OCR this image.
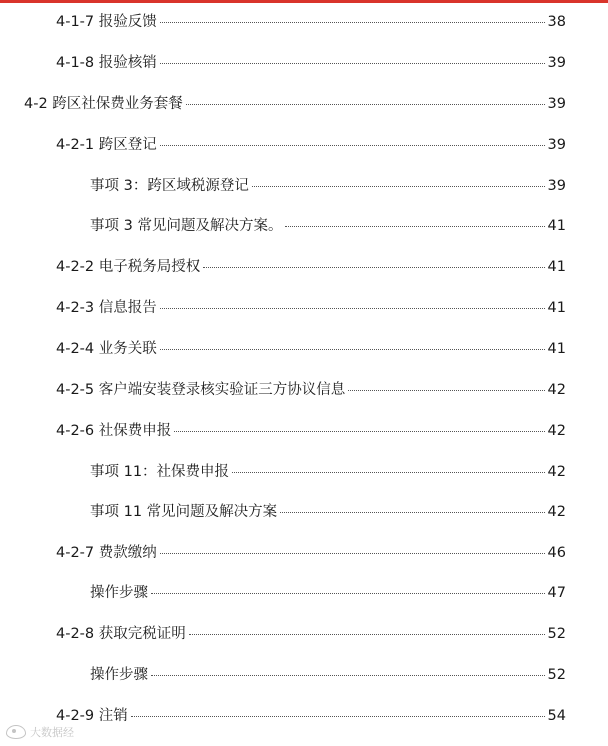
4-1-7 报验反馈	38
4-1-8 报验核销	39
4-2 跨区社保费业务套餐	39
4-2-1 跨区登记	39
事项 3：跨区域税源登记	39
事项 3 常见问题及解决方案。	41
4-2-2 电子税务局授权	41
4-2-3 信息报告	41
4-2-4 业务关联	41
4-2-5 客户端安装登录核实验证三方协议信息	42
4-2-6 社保费申报	42
事项 11：社保费申报	42
事项 11 常见问题及解决方案	42
4-2-7 费款缴纳	46
操作步骤	47
4-2-8 获取完税证明	52
操作步骤	52
4-2-9 注销	54
大数据经
